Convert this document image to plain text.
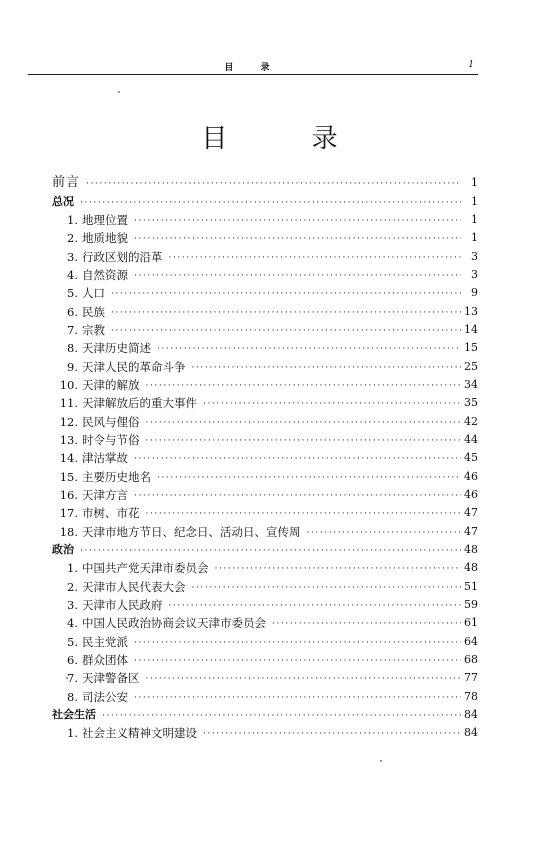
目 录	1
目 录
前言 ·····	1
总况 ·····	1
1. 地理位置 ·····	1
2. 地质地貌 ·····	1
3. 行政区划的沿革 ·····	3
4. 自然资源 ·····	3
5. 人口 ·····	9
6. 民族 ·····	13
7. 宗教 ·····	14
8. 天津历史简述 ·····	15
9. 天津人民的革命斗争 ·····	25
10. 天津的解放 ·····	34
11. 天津解放后的重大事件 ·····	35
12. 民风与俚俗 ·····	42
13. 时令与节俗 ·····	44
14. 津沽掌故 ·····	45
15. 主要历史地名 ·····	46
16. 天津方言 ·····	46
17. 市树、市花 ·····	47
18. 天津市地方节日、纪念日、活动日、宣传周 ·····	47
政治 ·····	48
1. 中国共产党天津市委员会 ·····	48
2. 天津市人民代表大会 ·····	51
3. 天津市人民政府 ·····	59
4. 中国人民政治协商会议天津市委员会 ·····	61
5. 民主党派 ·····	64
6. 群众团体 ·····	68
7. 天津警备区 ·····	77
8. 司法公安 ·····	78
社会生活 ·····	84
1. 社会主义精神文明建设 ·····	84
